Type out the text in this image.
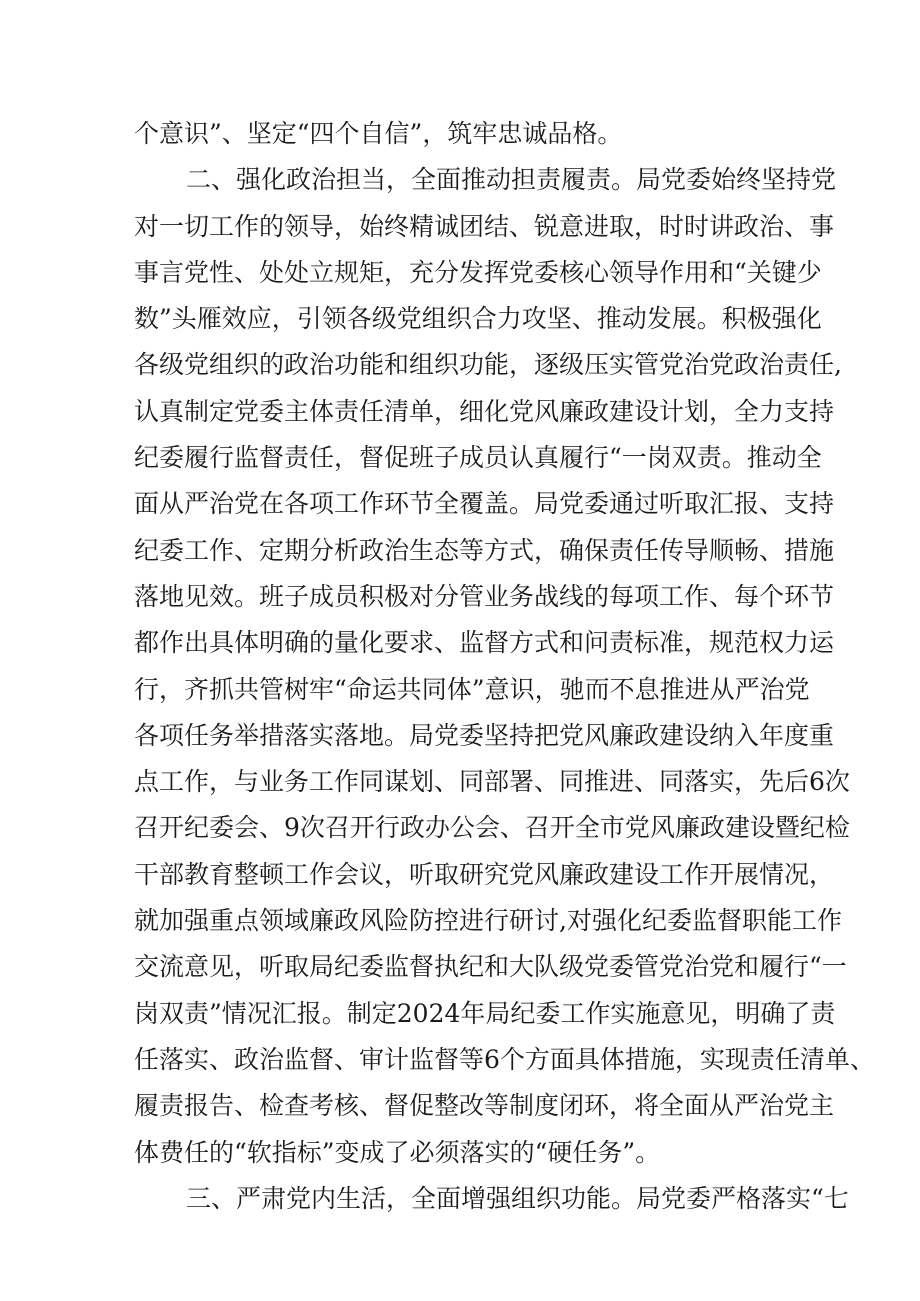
个意识”、坚定“四个自信”，筑牢忠诚品格。
二、强化政治担当，全面推动担责履责。局党委始终坚持党
对一切工作的领导，始终精诚团结、锐意进取，时时讲政治、事
事言党性、处处立规矩，充分发挥党委核心领导作用和“关键少
数”头雁效应，引领各级党组织合力攻坚、推动发展。积极强化
各级党组织的政治功能和组织功能，逐级压实管党治党政治责任,
认真制定党委主体责任清单，细化党风廉政建设计划，全力支持
纪委履行监督责任，督促班子成员认真履行“一岗双责。推动全
面从严治党在各项工作环节全覆盖。局党委通过听取汇报、支持
纪委工作、定期分析政治生态等方式，确保责任传导顺畅、措施
落地见效。班子成员积极对分管业务战线的每项工作、每个环节
都作出具体明确的量化要求、监督方式和问责标准，规范权力运
行，齐抓共管树牢“命运共同体”意识，驰而不息推进从严治党
各项任务举措落实落地。局党委坚持把党风廉政建设纳入年度重
点工作，与业务工作同谋划、同部署、同推进、同落实，先后6次
召开纪委会、9次召开行政办公会、召开全市党风廉政建设暨纪检
干部教育整顿工作会议，听取研究党风廉政建设工作开展情况，
就加强重点领域廉政风险防控进行研讨,对强化纪委监督职能工作
交流意见，听取局纪委监督执纪和大队级党委管党治党和履行“一
岗双责”情况汇报。制定2024年局纪委工作实施意见，明确了责
任落实、政治监督、审计监督等6个方面具体措施，实现责任清单、
履责报告、检查考核、督促整改等制度闭环，将全面从严治党主
体费任的“软指标”变成了必须落实的“硬任务”。
三、严肃党内生活，全面增强组织功能。局党委严格落实“七
